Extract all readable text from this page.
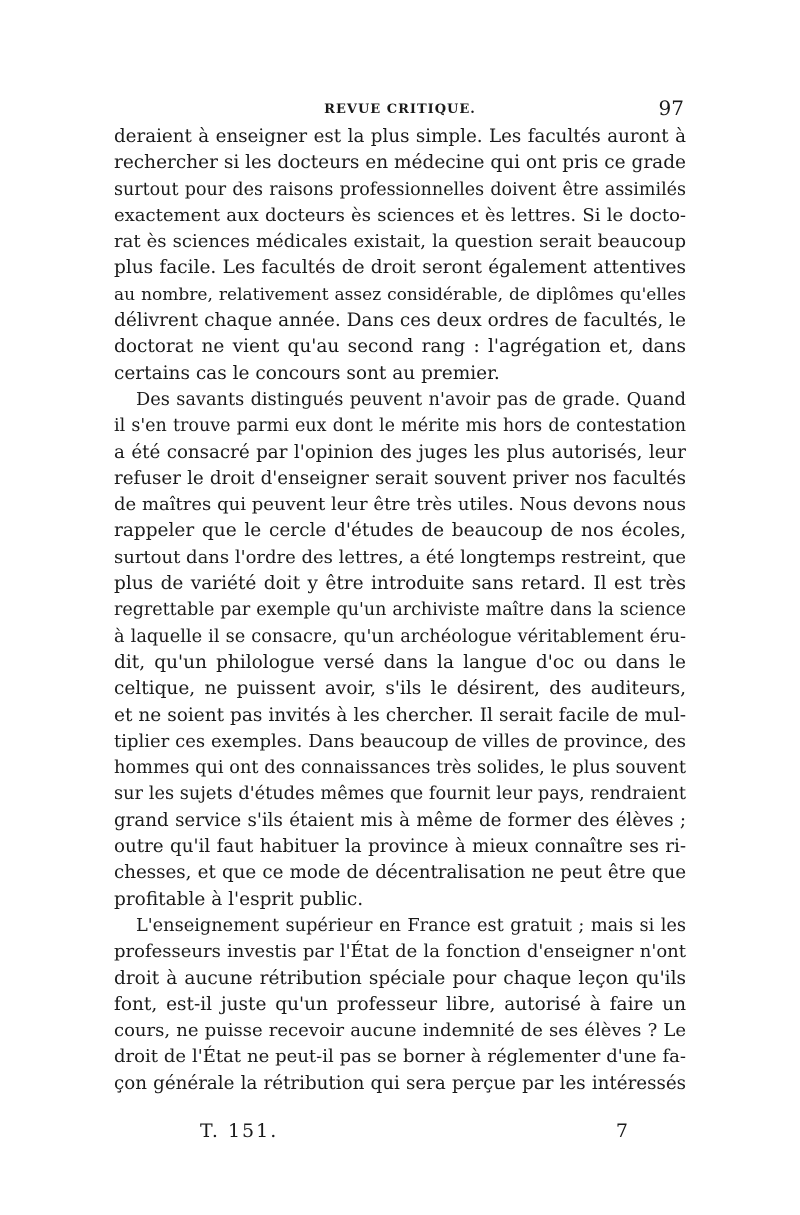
REVUE CRITIQUE.	97
deraient à enseigner est la plus simple. Les facultés auront à
rechercher si les docteurs en médecine qui ont pris ce grade
surtout pour des raisons professionnelles doivent être assimilés
exactement aux docteurs ès sciences et ès lettres. Si le docto-
rat ès sciences médicales existait, la question serait beaucoup
plus facile. Les facultés de droit seront également attentives
au nombre, relativement assez considérable, de diplômes qu'elles
délivrent chaque année. Dans ces deux ordres de facultés, le
doctorat ne vient qu'au second rang : l'agrégation et, dans
certains cas le concours sont au premier.
Des savants distingués peuvent n'avoir pas de grade. Quand
il s'en trouve parmi eux dont le mérite mis hors de contestation
a été consacré par l'opinion des juges les plus autorisés, leur
refuser le droit d'enseigner serait souvent priver nos facultés
de maîtres qui peuvent leur être très utiles. Nous devons nous
rappeler que le cercle d'études de beaucoup de nos écoles,
surtout dans l'ordre des lettres, a été longtemps restreint, que
plus de variété doit y être introduite sans retard. Il est très
regrettable par exemple qu'un archiviste maître dans la science
à laquelle il se consacre, qu'un archéologue véritablement éru-
dit, qu'un philologue versé dans la langue d'oc ou dans le
celtique, ne puissent avoir, s'ils le désirent, des auditeurs,
et ne soient pas invités à les chercher. Il serait facile de mul-
tiplier ces exemples. Dans beaucoup de villes de province, des
hommes qui ont des connaissances très solides, le plus souvent
sur les sujets d'études mêmes que fournit leur pays, rendraient
grand service s'ils étaient mis à même de former des élèves ;
outre qu'il faut habituer la province à mieux connaître ses ri-
chesses, et que ce mode de décentralisation ne peut être que
profitable à l'esprit public.
L'enseignement supérieur en France est gratuit ; mais si les
professeurs investis par l'État de la fonction d'enseigner n'ont
droit à aucune rétribution spéciale pour chaque leçon qu'ils
font, est-il juste qu'un professeur libre, autorisé à faire un
cours, ne puisse recevoir aucune indemnité de ses élèves ? Le
droit de l'État ne peut-il pas se borner à réglementer d'une fa-
çon générale la rétribution qui sera perçue par les intéressés
T. 151.	7
